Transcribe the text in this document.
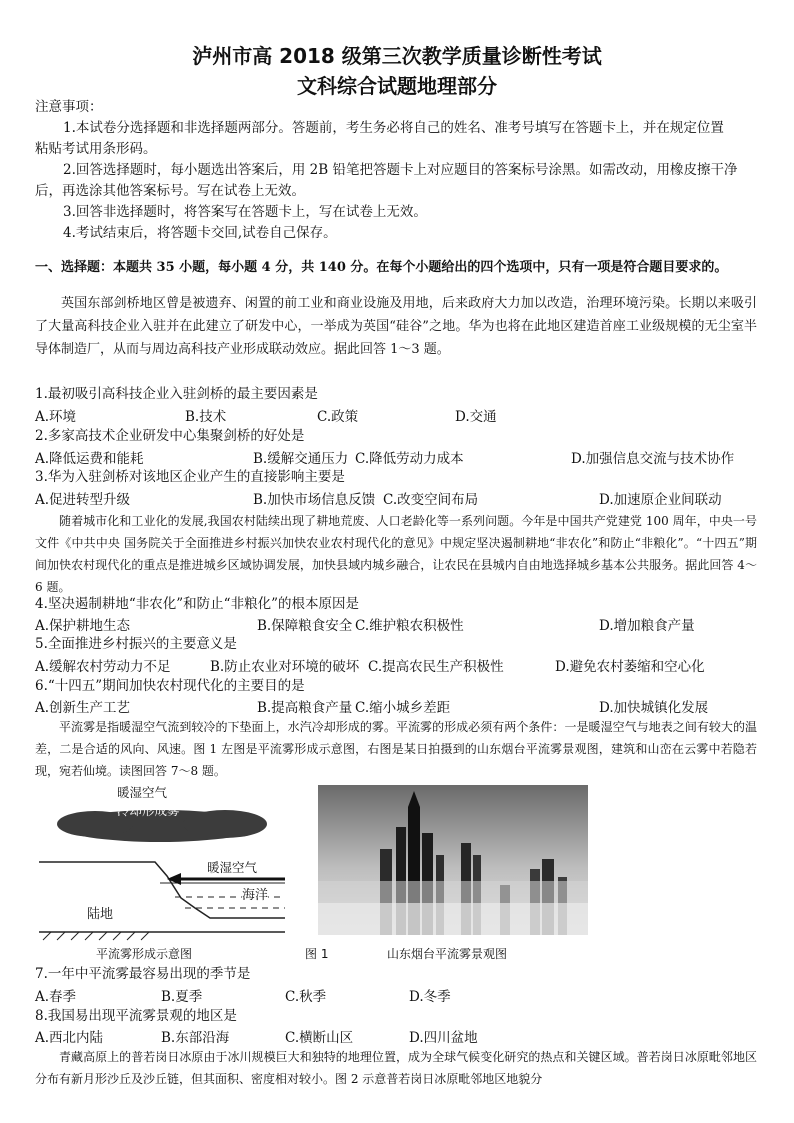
泸州市高 2018 级第三次教学质量诊断性考试
文科综合试题地理部分
注意事项：
1.本试卷分选择题和非选择题两部分。答题前，考生务必将自己的姓名、准考号填写在答题卡上，并在规定位置
粘贴考试用条形码。
2.回答选择题时，每小题选出答案后，用 2B 铅笔把答题卡上对应题目的答案标号涂黑。如需改动，用橡皮擦干净
后，再选涂其他答案标号。写在试卷上无效。
3.回答非选择题时，将答案写在答题卡上，写在试卷上无效。
4.考试结束后，将答题卡交回,试卷自己保存。
一、选择题：本题共 35 小题，每小题 4 分，共 140 分。在每个小题给出的四个选项中，只有一项是符合题目要求的。
英国东部剑桥地区曾是被遗弃、闲置的前工业和商业设施及用地，后来政府大力加以改造，治理环境污染。长期以来吸引了大量高科技企业入驻并在此建立了研发中心，一举成为英国“硅谷”之地。华为也将在此地区建造首座工业级规模的无尘室半导体制造厂，从而与周边高科技产业形成联动效应。据此回答 1～3 题。
1.最初吸引高科技企业入驻剑桥的最主要因素是
A.环境	B.技术	C.政策	D.交通
2.多家高技术企业研发中心集聚剑桥的好处是
A.降低运费和能耗	B.缓解交通压力 C.降低劳动力成本	D.加强信息交流与技术协作
3.华为入驻剑桥对该地区企业产生的直接影响主要是
A.促进转型升级	B.加快市场信息反馈 C.改变空间布局	D.加速原企业间联动
随着城市化和工业化的发展,我国农村陆续出现了耕地荒废、人口老龄化等一系列问题。今年是中国共产党建党 100 周年，中央一号文件《中共中央 国务院关于全面推进乡村振兴加快农业农村现代化的意见》中规定坚决遏制耕地“非农化”和防止“非粮化”。“十四五”期间加快农村现代化的重点是推进城乡区域协调发展，加快县域内城乡融合，让农民在县城内自由地选择城乡基本公共服务。据此回答 4～6 题。
4.坚决遏制耕地“非农化”和防止“非粮化”的根本原因是
A.保护耕地生态	B.保障粮食安全 C.维护粮农积极性	D.增加粮食产量
5.全面推进乡村振兴的主要意义是
A.缓解农村劳动力不足	B.防止农业对环境的破坏 C.提高农民生产积极性	D.避免农村萎缩和空心化
6.“十四五”期间加快农村现代化的主要目的是
A.创新生产工艺	B.提高粮食产量 C.缩小城乡差距	D.加快城镇化发展
平流雾是指暖湿空气流到较冷的下垫面上，水汽冷却形成的雾。平流雾的形成必须有两个条件：一是暖湿空气与地表之间有较大的温差，二是合适的风向、风速。图 1 左图是平流雾形成示意图，右图是某日拍摄到的山东烟台平流雾景观图，建筑和山峦在云雾中若隐若现，宛若仙境。读图回答 7～8 题。
暖湿空气
冷却形成雾
暖湿空气
陆地
海洋
平流雾形成示意图	图 1	山东烟台平流雾景观图
7.一年中平流雾最容易出现的季节是
A.春季	B.夏季	C.秋季	D.冬季
8.我国易出现平流雾景观的地区是
A.西北内陆	B.东部沿海	C.横断山区	D.四川盆地
青藏高原上的普若岗日冰原由于冰川规模巨大和独特的地理位置，成为全球气候变化研究的热点和关键区域。普若岗日冰原毗邻地区分布有新月形沙丘及沙丘链，但其面积、密度相对较小。图 2 示意普若岗日冰原毗邻地区地貌分
